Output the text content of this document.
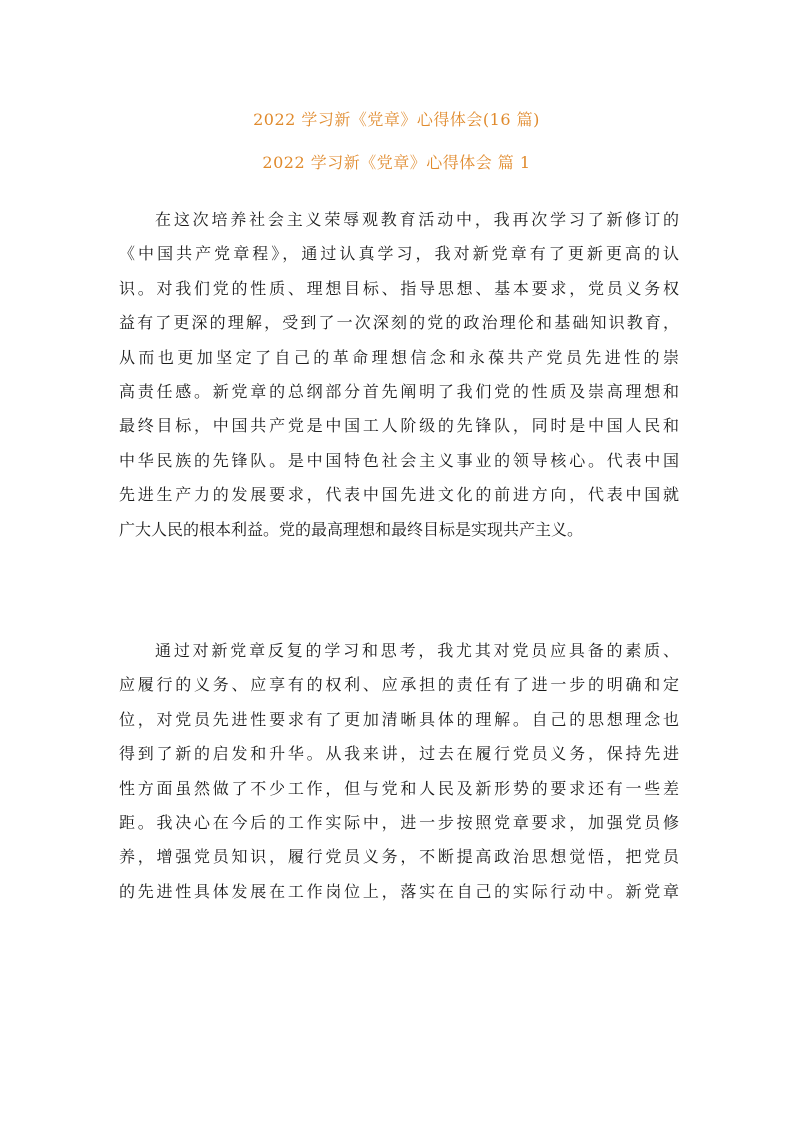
2022 学习新《党章》心得体会(16 篇)
2022 学习新《党章》心得体会 篇 1
在这次培养社会主义荣辱观教育活动中，我再次学习了新修订的
《中国共产党章程》，通过认真学习，我对新党章有了更新更高的认
识。对我们党的性质、理想目标、指导思想、基本要求，党员义务权
益有了更深的理解，受到了一次深刻的党的政治理伦和基础知识教育，
从而也更加坚定了自己的革命理想信念和永葆共产党员先进性的崇
高责任感。新党章的总纲部分首先阐明了我们党的性质及崇高理想和
最终目标，中国共产党是中国工人阶级的先锋队，同时是中国人民和
中华民族的先锋队。是中国特色社会主义事业的领导核心。代表中国
先进生产力的发展要求，代表中国先进文化的前进方向，代表中国就
广大人民的根本利益。党的最高理想和最终目标是实现共产主义。
通过对新党章反复的学习和思考，我尤其对党员应具备的素质、
应履行的义务、应享有的权利、应承担的责任有了进一步的明确和定
位，对党员先进性要求有了更加清晰具体的理解。自己的思想理念也
得到了新的启发和升华。从我来讲，过去在履行党员义务，保持先进
性方面虽然做了不少工作，但与党和人民及新形势的要求还有一些差
距。我决心在今后的工作实际中，进一步按照党章要求，加强党员修
养，增强党员知识，履行党员义务，不断提高政治思想觉悟，把党员
的先进性具体发展在工作岗位上，落实在自己的实际行动中。新党章
